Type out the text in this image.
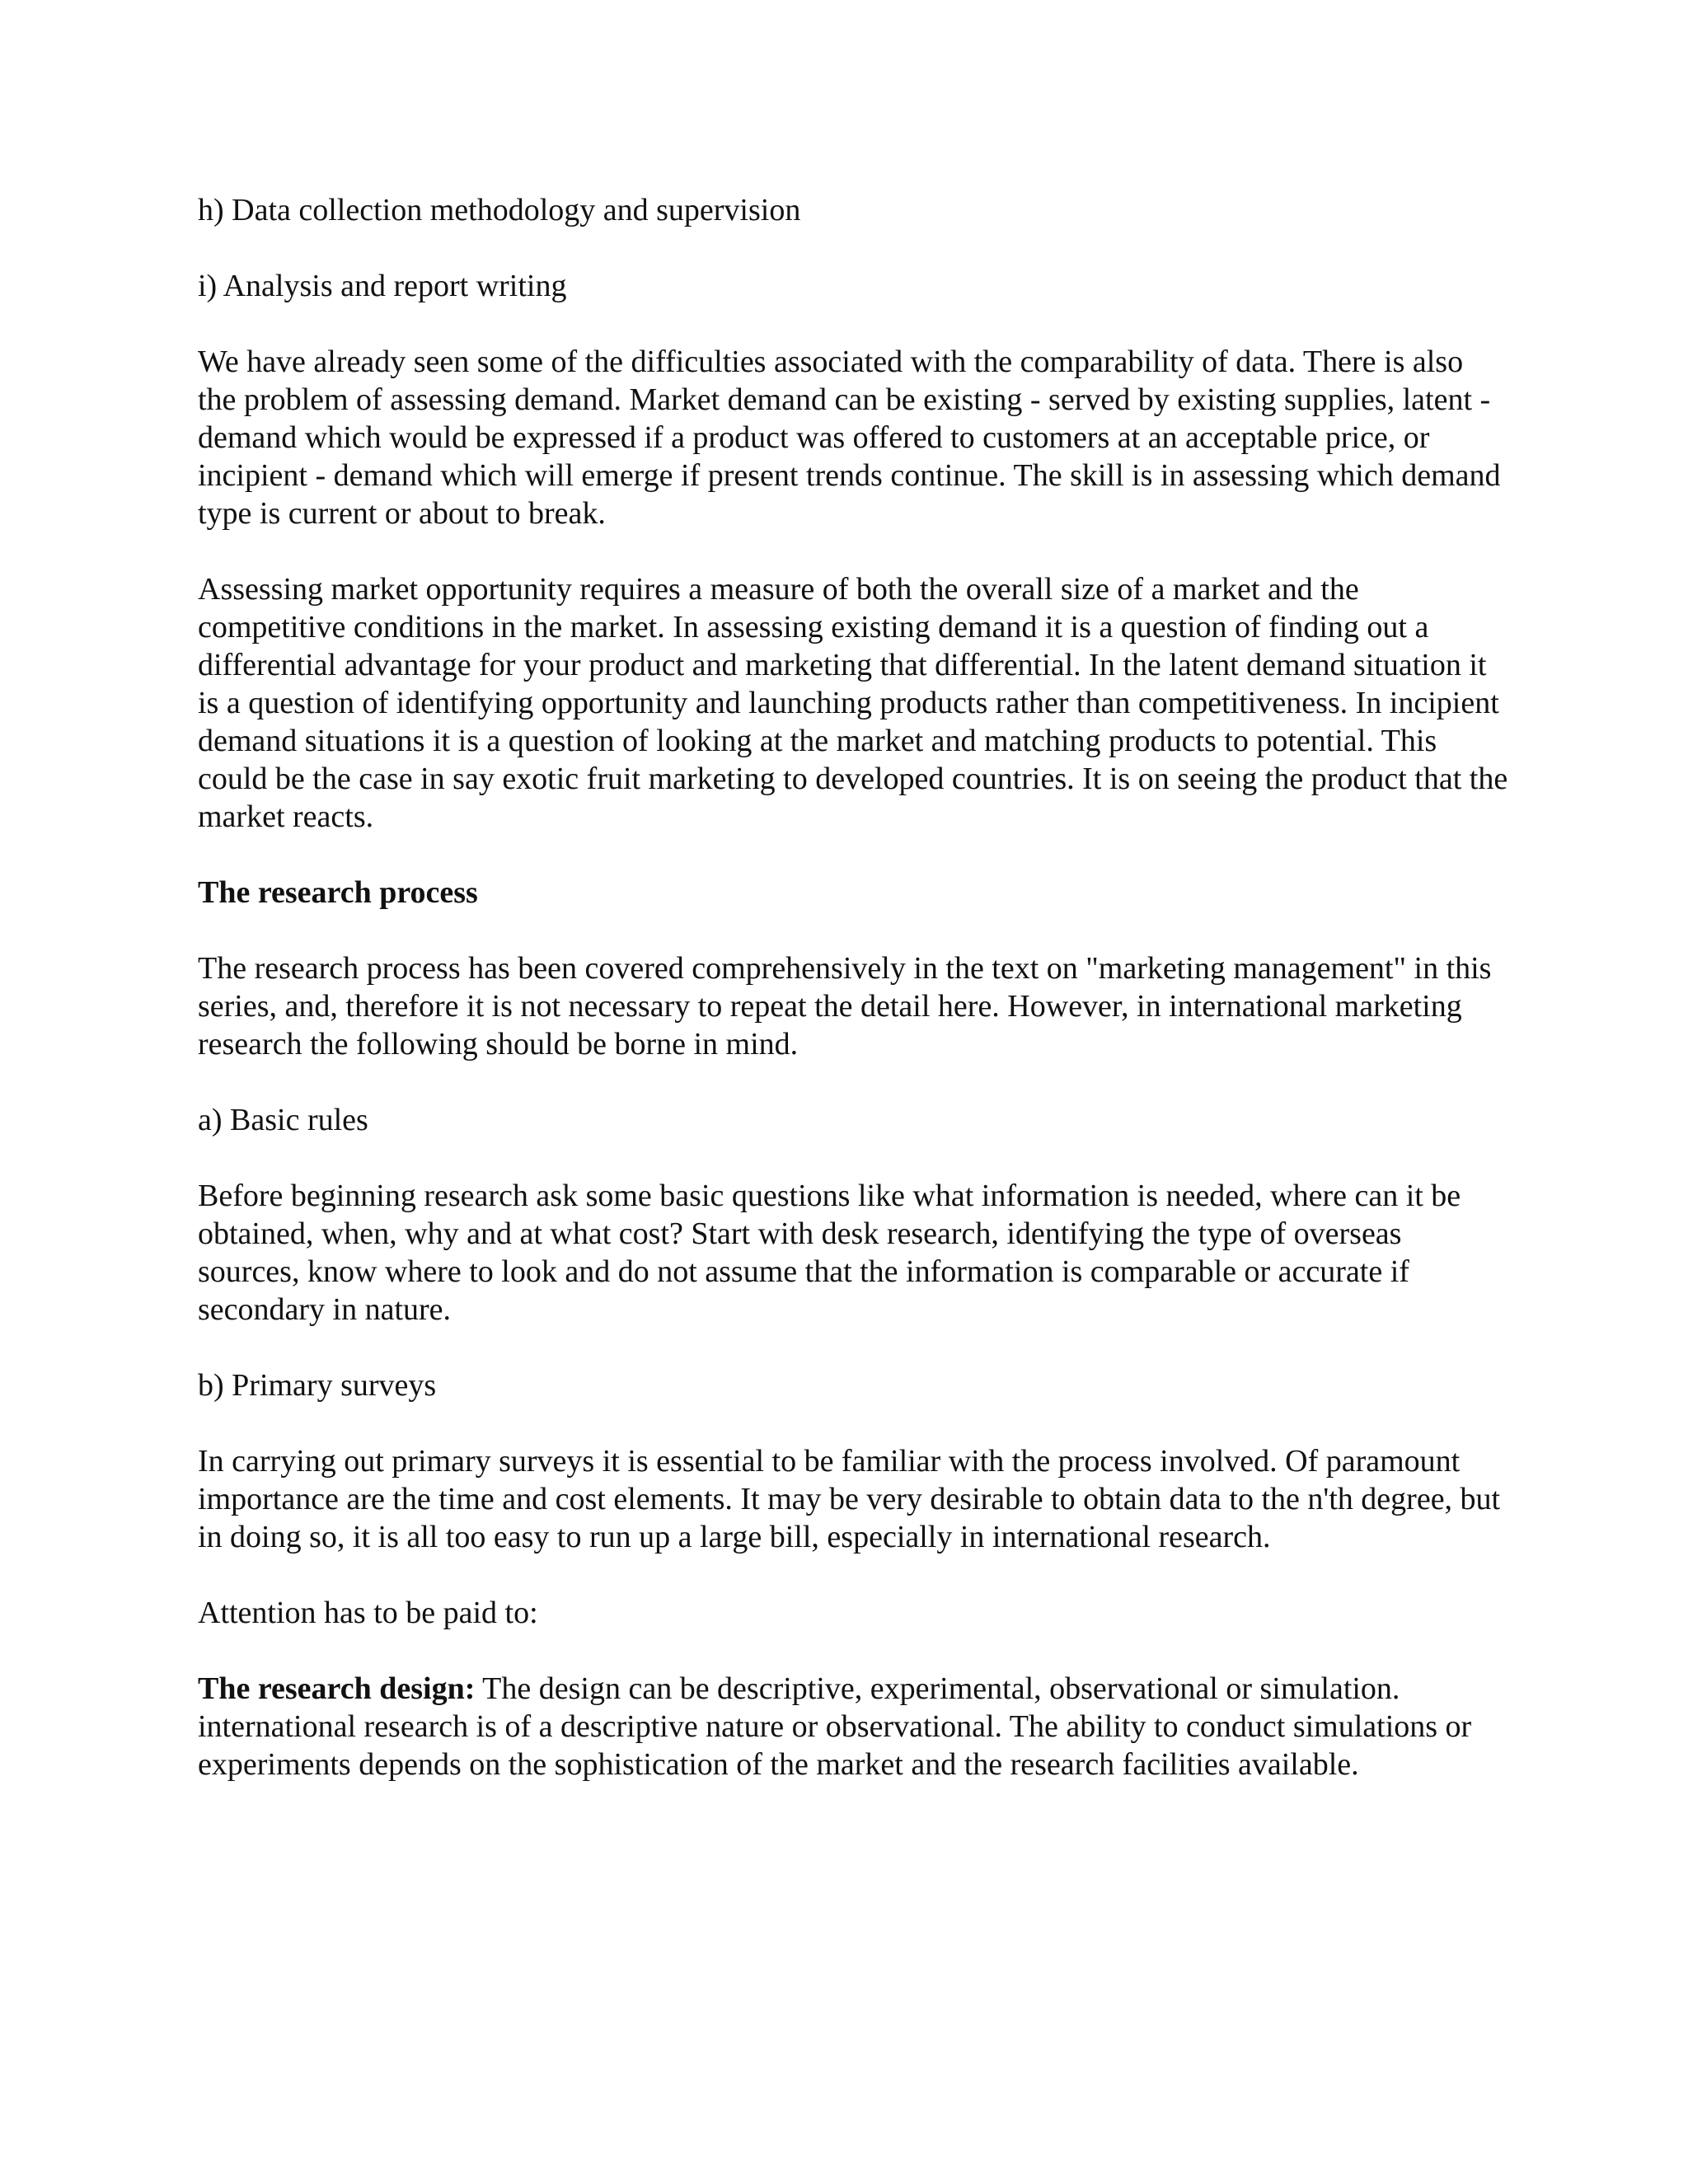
h) Data collection methodology and supervision

i) Analysis and report writing

We have already seen some of the difficulties associated with the comparability of data. There is also the problem of assessing demand. Market demand can be existing - served by existing supplies, latent -demand which would be expressed if a product was offered to customers at an acceptable price, or incipient - demand which will emerge if present trends continue. The skill is in assessing which demand type is current or about to break.

Assessing market opportunity requires a measure of both the overall size of a market and the competitive conditions in the market. In assessing existing demand it is a question of finding out a differential advantage for your product and marketing that differential. In the latent demand situation it is a question of identifying opportunity and launching products rather than competitiveness. In incipient demand situations it is a question of looking at the market and matching products to potential. This could be the case in say exotic fruit marketing to developed countries. It is on seeing the product that the market reacts.

The research process

The research process has been covered comprehensively in the text on "marketing management" in this series, and, therefore it is not necessary to repeat the detail here. However, in international marketing research the following should be borne in mind.

a) Basic rules

Before beginning research ask some basic questions like what information is needed, where can it be obtained, when, why and at what cost? Start with desk research, identifying the type of overseas sources, know where to look and do not assume that the information is comparable or accurate if secondary in nature.

b) Primary surveys

In carrying out primary surveys it is essential to be familiar with the process involved. Of paramount importance are the time and cost elements. It may be very desirable to obtain data to the n'th degree, but in doing so, it is all too easy to run up a large bill, especially in international research.

Attention has to be paid to:

The research design: The design can be descriptive, experimental, observational or simulation. international research is of a descriptive nature or observational. The ability to conduct simulations or experiments depends on the sophistication of the market and the research facilities available.
